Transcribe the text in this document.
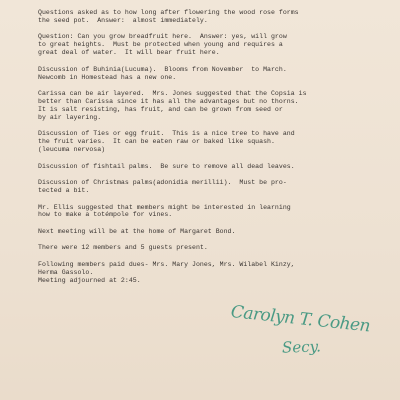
Questions asked as to how long after flowering the wood rose forms
the seed pot.  Answer:  almost immediately.
Question: Can you grow breadfruit here.  Answer: yes, will grow
to great heights.  Must be protected when young and requires a
great deal of water.  It will bear fruit here.
Discussion of Buhinia(Lucuma).  Blooms from November  to March.
Newcomb in Homestead has a new one.
Carissa can be air layered.  Mrs. Jones suggested that the Copsia is
better than Carissa since it has all the advantages but no thorns.
It is salt resisting, has fruit, and can be grown from seed or
by air layering.
Discussion of Ties or egg fruit.  This is a nice tree to have and
the fruit varies.  It can be eaten raw or baked like squash.
(leucuma nervosa)
Discussion of fishtail palms.  Be sure to remove all dead leaves.
Discussion of Christmas palms(adonidia merillii).  Must be pro-
tected a bit.
Mr. Ellis suggested that members might be interested in learning
how to make a totémpole for vines.
Next meeting will be at the home of Margaret Bond.
There were 12 members and 5 guests present.
Following members paid dues- Mrs. Mary Jones, Mrs. Wilabel Kinzy,
Herma Gassolo.
Meeting adjourned at 2:45.
Carolyn T. Cohen
Secy.
